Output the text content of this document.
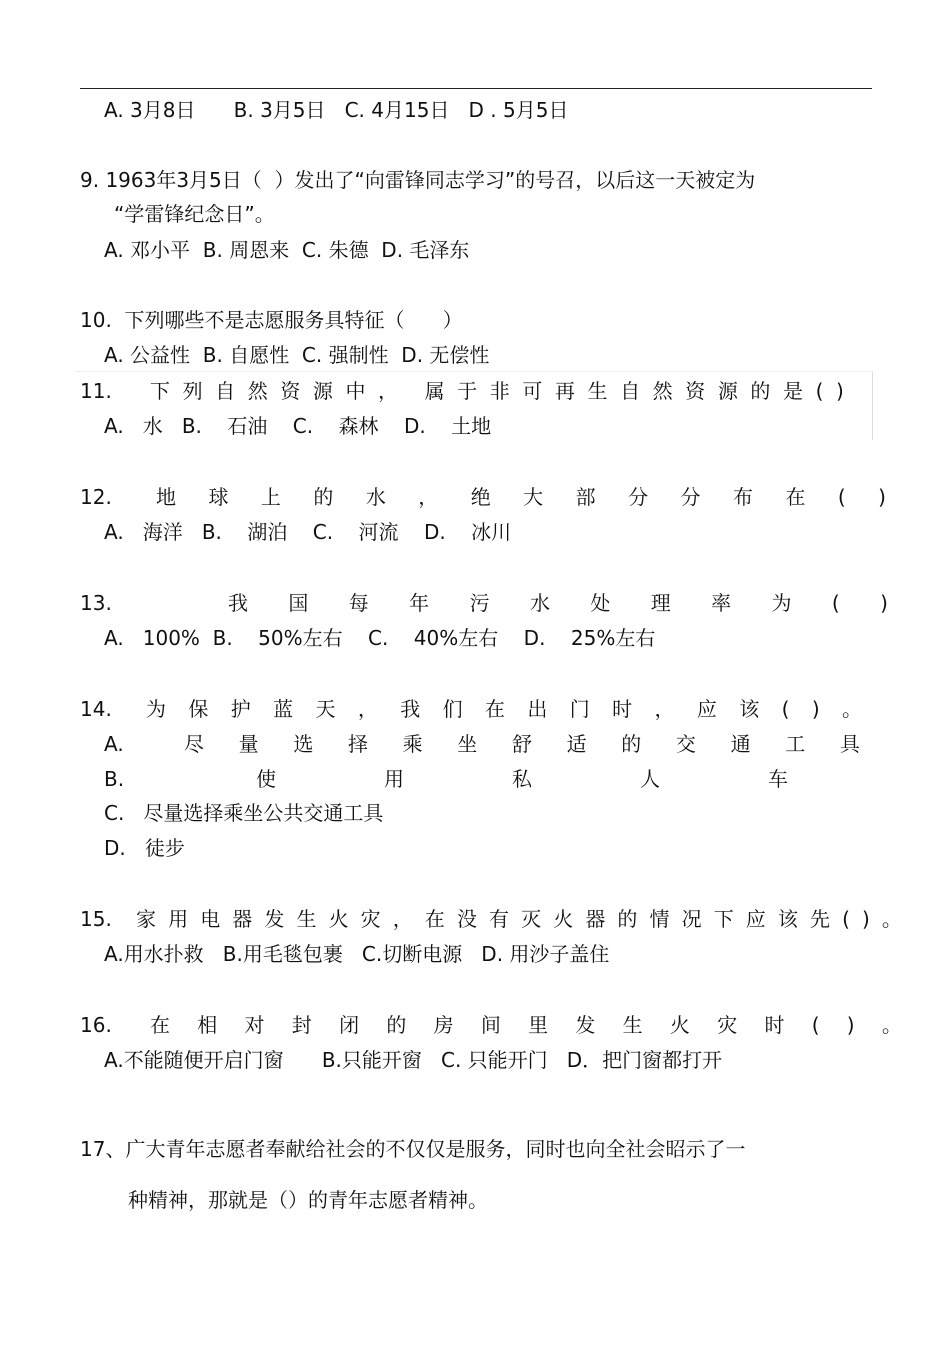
A. 3月8日      B. 3月5日   C. 4月15日   D . 5月5日
9. 1963年3月5日（  ）发出了“向雷锋同志学习”的号召，以后这一天被定为
“学雷锋纪念日”。
A. 邓小平  B. 周恩来  C. 朱德  D. 毛泽东
10.  下列哪些不是志愿服务具特征（      ）
A. 公益性  B. 自愿性  C. 强制性  D. 无偿性
11. 下 列 自 然 资 源 中 ， 属 于 非 可 再 生 自 然 资 源 的 是 ( )
A.   水   B.    石油    C.    森林    D.    土地
12. 地 球 上 的 水 ， 绝 大 部 分 分 布 在 ( )
A.   海洋   B.    湖泊    C.    河流    D.    冰川
13.	我 国 每 年 污 水 处 理 率 为 ( )
A.   100%  B.    50%左右    C.    40%左右    D.    25%左右
14. 为 保 护 蓝 天 ， 我 们 在 出 门 时 ， 应 该 ( ) 。
A.	尽 量 选 择 乘 坐 舒 适 的 交 通 工 具
B.	使	用	私	人	车
C.   尽量选择乘坐公共交通工具
D.   徒步
15. 家 用 电 器 发 生 火 灾 ， 在 没 有 灭 火 器 的 情 况 下 应 该 先 ( ) 。
A.用水扑救   B.用毛毯包裹   C.切断电源   D. 用沙子盖住
16. 在 相 对 封 闭 的 房 间 里 发 生 火 灾 时 ( ) 。
A.不能随便开启门窗      B.只能开窗   C. 只能开门   D．把门窗都打开
17、广大青年志愿者奉献给社会的不仅仅是服务，同时也向全社会昭示了一
种精神，那就是（）的青年志愿者精神。
